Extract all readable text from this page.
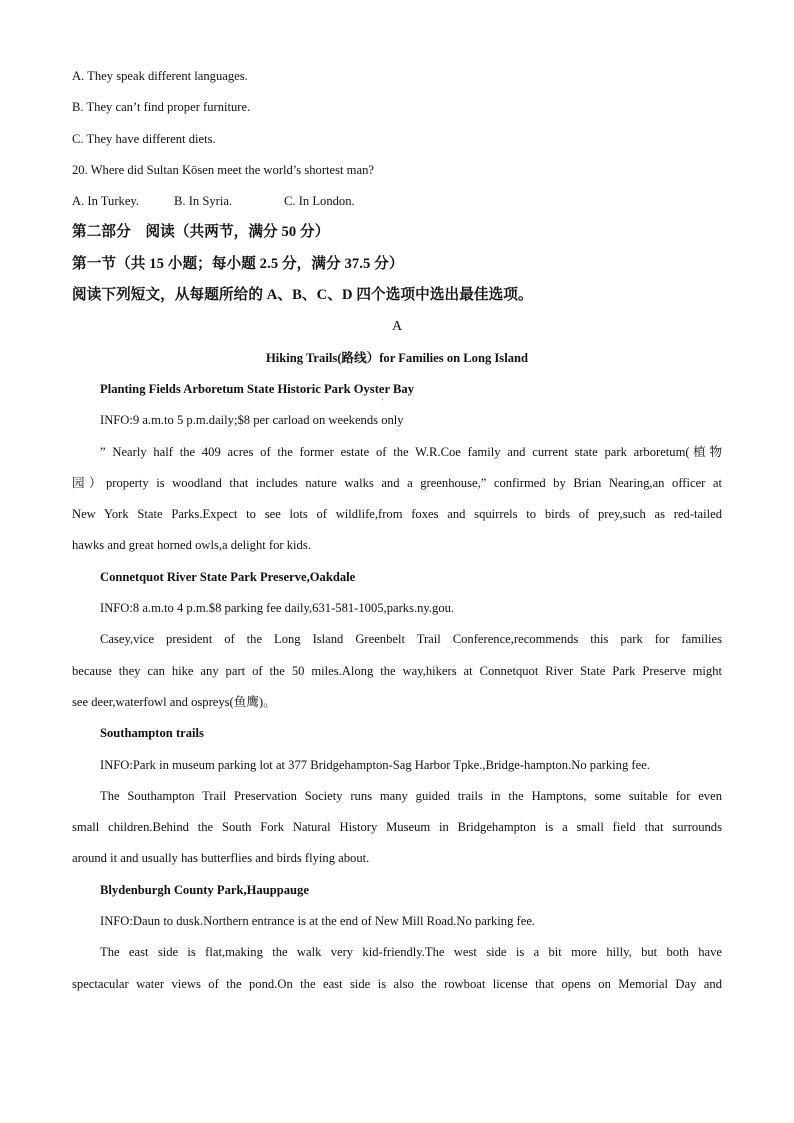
A. They speak different languages.

B. They can’t find proper furniture.

C. They have different diets.

20. Where did Sultan Kösen meet the world’s shortest man?

A. In Turkey.	B. In Syria.	C. In London.

第二部分　阅读（共两节，满分 50 分）

第一节（共 15 小题；每小题 2.5 分，满分 37.5 分）

阅读下列短文，从每题所给的 A、B、C、D 四个选项中选出最佳选项。

A

Hiking Trails(路线）for Families on Long Island

Planting Fields Arboretum State Historic Park Oyster Bay

INFO:9 a.m.to 5 p.m.daily;$8 per carload on weekends only

” Nearly half the 409 acres of the former estate of the W.R.Coe family and current state park arboretum(植物

园）property is woodland that includes nature walks and a greenhouse,” confirmed by Brian Nearing,an officer at

New York State Parks.Expect to see lots of wildlife,from foxes and squirrels to birds of prey,such as red-tailed

hawks and great horned owls,a delight for kids.

Connetquot River State Park Preserve,Oakdale

INFO:8 a.m.to 4 p.m.$8 parking fee daily,631-581-1005,parks.ny.gou.

Casey,vice president of the Long Island Greenbelt Trail Conference,recommends this park for families

because they can hike any part of the 50 miles.Along the way,hikers at Connetquot River State Park Preserve might

see deer,waterfowl and ospreys(鱼鹰)。

Southampton trails

INFO:Park in museum parking lot at 377 Bridgehampton-Sag Harbor Tpke.,Bridge-hampton.No parking fee.

The Southampton Trail Preservation Society runs many guided trails in the Hamptons, some suitable for even

small children.Behind the South Fork Natural History Museum in Bridgehampton is a small field that surrounds

around it and usually has butterflies and birds flying about.

Blydenburgh County Park,Hauppauge

INFO:Daun to dusk.Northern entrance is at the end of New Mill Road.No parking fee.

The east side is flat,making the walk very kid-friendly.The west side is a bit more hilly, but both have

spectacular water views of the pond.On the east side is also the rowboat license that opens on Memorial Day and

'
